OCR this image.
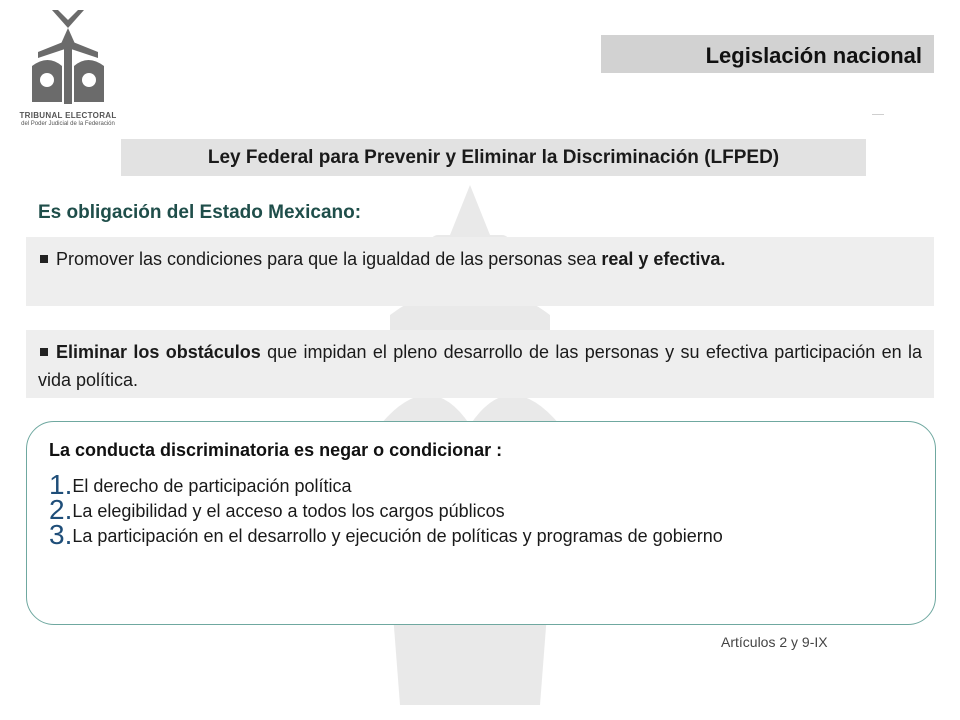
TRIBUNAL ELECTORAL
del Poder Judicial de la Federación
Legislación nacional
Ley Federal para Prevenir y Eliminar la Discriminación (LFPED)
Es obligación del Estado Mexicano:
Promover las condiciones para que la igualdad de las personas sea real y efectiva.
Eliminar los obstáculos que impidan el pleno desarrollo de las personas y su efectiva participación en la vida política.
La conducta discriminatoria es negar o condicionar :
1.El derecho de participación política
2.La elegibilidad y el acceso a todos los cargos públicos
3.La participación en el desarrollo y ejecución de políticas y programas de gobierno
Artículos 2 y 9-IX
